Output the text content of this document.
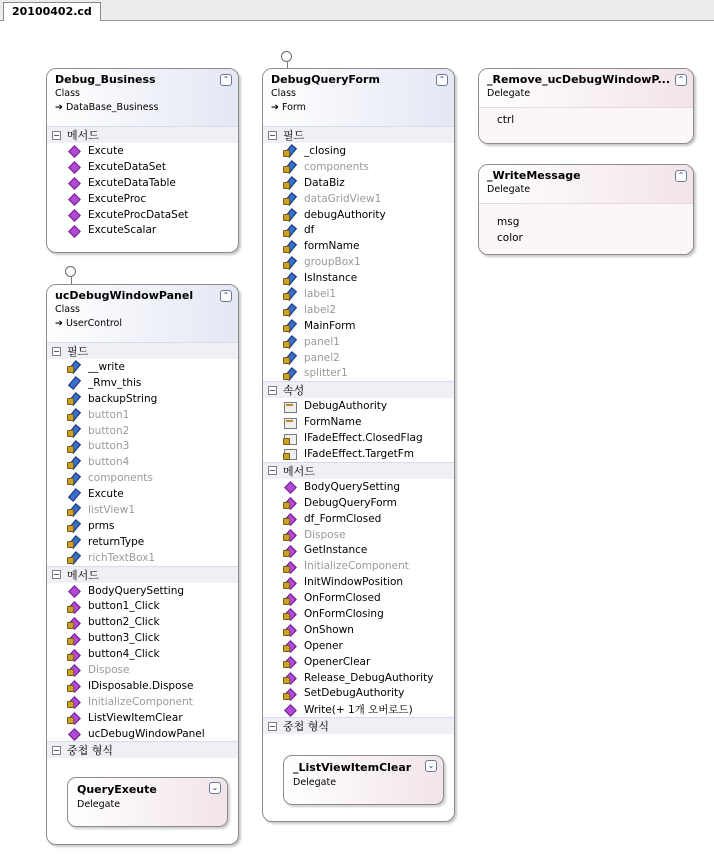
20100402.cd
Debug_Business
Class
➔ DataBase_Business
⌃
− 메서드
Excute
ExcuteDataSet
ExcuteDataTable
ExcuteProc
ExcuteProcDataSet
ExcuteScalar
ucDebugWindowPanel
Class
➔ UserControl
⌃
− 필드
__write
_Rmv_this
backupString
button1
button2
button3
button4
components
Excute
listView1
prms
returnType
richTextBox1
− 메서드
BodyQuerySetting
button1_Click
button2_Click
button3_Click
button4_Click
Dispose
IDisposable.Dispose
InitializeComponent
ListViewItemClear
ucDebugWindowPanel
− 중첩 형식
QueryExeute
Delegate
⌄
DebugQueryForm
Class
➔ Form
⌃
− 필드
_closing
components
DataBiz
dataGridView1
debugAuthority
df
formName
groupBox1
IsInstance
label1
label2
MainForm
panel1
panel2
splitter1
− 속성
DebugAuthority
FormName
IFadeEffect.ClosedFlag
IFadeEffect.TargetFm
− 메서드
BodyQuerySetting
DebugQueryForm
df_FormClosed
Dispose
GetInstance
InitializeComponent
InitWindowPosition
OnFormClosed
OnFormClosing
OnShown
Opener
OpenerClear
Release_DebugAuthority
SetDebugAuthority
Write(+ 1개 오버로드)
− 중첩 형식
_ListViewItemClear
Delegate
⌄
_Remove_ucDebugWindowP...
Delegate
⌃
ctrl
_WriteMessage
Delegate
⌃
msg
color
